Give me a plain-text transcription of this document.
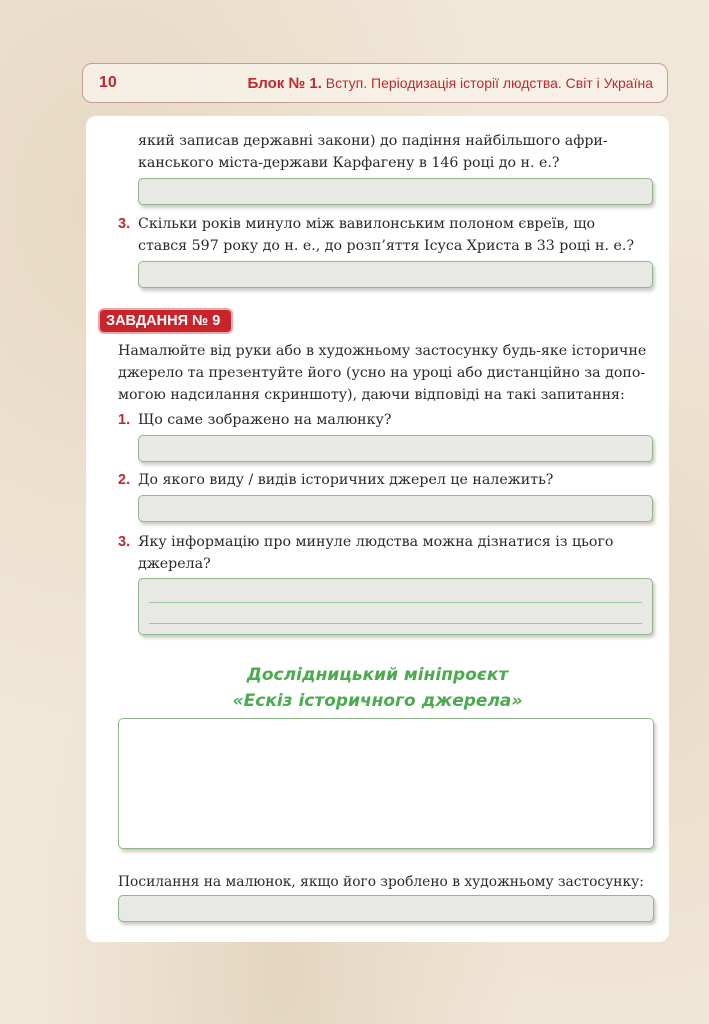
10	Блок № 1. Вступ. Періодизація історії людства. Світ і Україна
який записав державні закони) до падіння найбільшого афри-
канського міста-держави Карфагену в 146 році до н. е.?
3. Скільки років минуло між вавилонським полоном євреїв, що
стався 597 року до н. е., до розп’яття Ісуса Христа в 33 році н. е.?
ЗАВДАННЯ № 9
Намалюйте від руки або в художньому застосунку будь-яке історичне
джерело та презентуйте його (усно на уроці або дистанційно за допо-
могою надсилання скриншоту), даючи відповіді на такі запитання:
1. Що саме зображено на малюнку?
2. До якого виду / видів історичних джерел це належить?
3. Яку інформацію про минуле людства можна дізнатися із цього
джерела?
Дослідницький мініпроєкт
«Ескіз історичного джерела»
Посилання на малюнок, якщо його зроблено в художньому застосунку:
